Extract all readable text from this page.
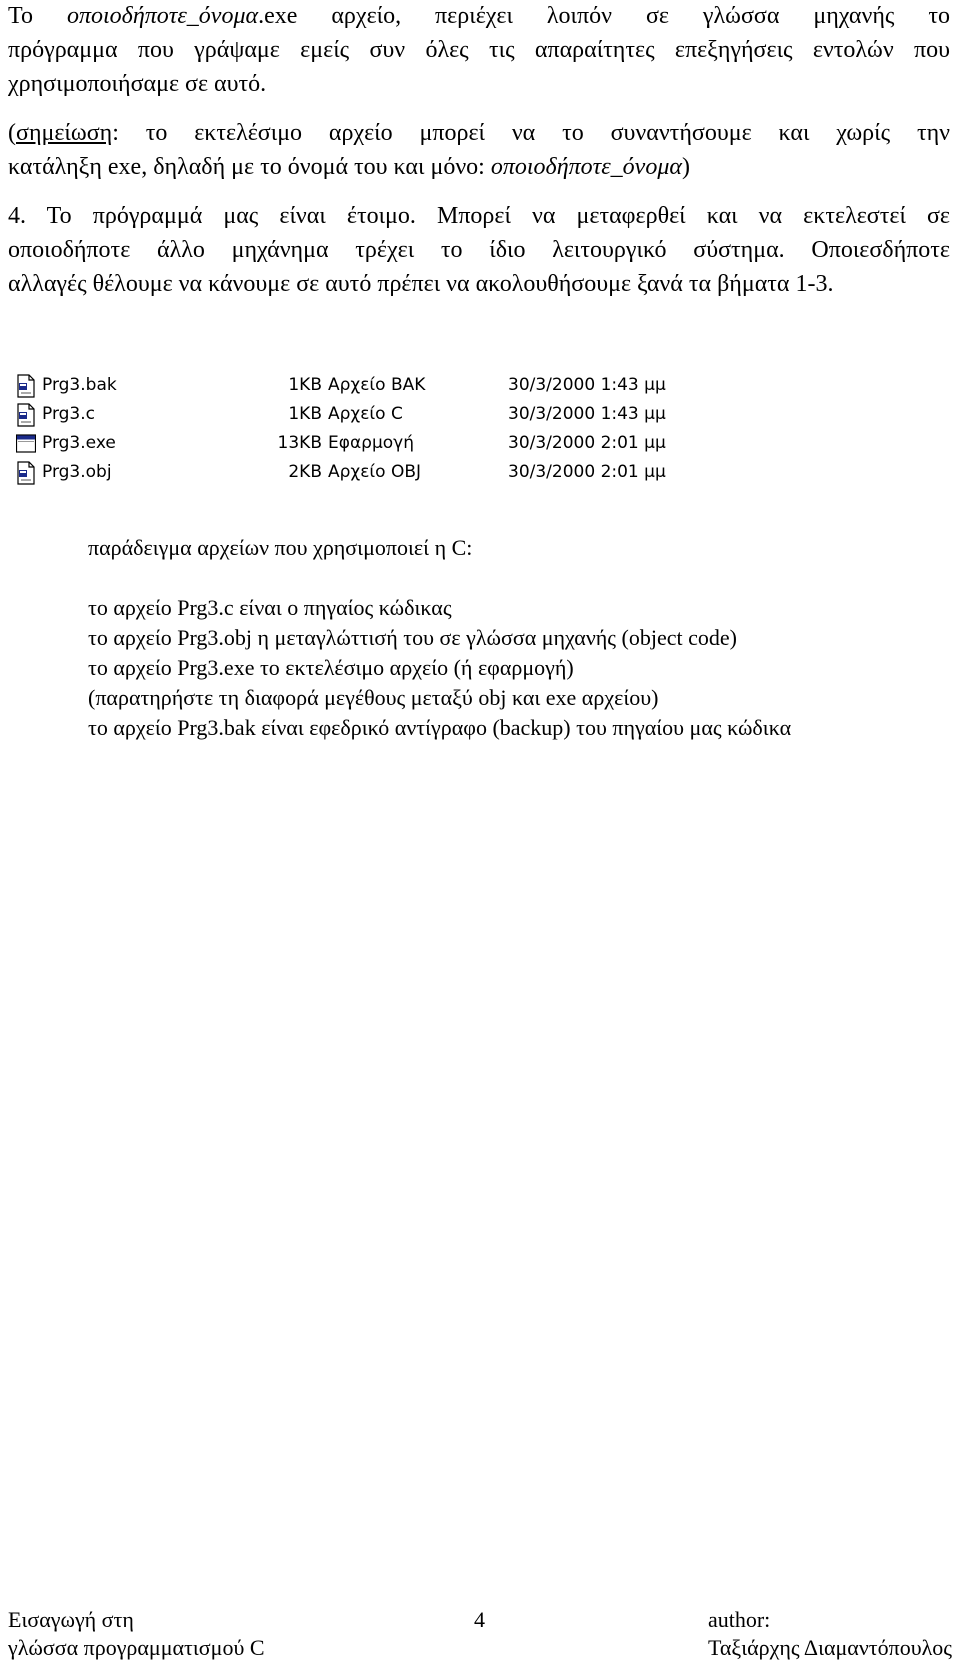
Το οποιοδήποτε_όνομα.exe αρχείο, περιέχει λοιπόν σε γλώσσα μηχανής το
πρόγραμμα που γράψαμε εμείς συν όλες τις απαραίτητες επεξηγήσεις εντολών που
χρησιμοποιήσαμε σε αυτό.

(σημείωση: το εκτελέσιμο αρχείο μπορεί να το συναντήσουμε και χωρίς την
κατάληξη exe, δηλαδή με το όνομά του και μόνο: οποιοδήποτε_όνομα)

4. Το πρόγραμμά μας είναι έτοιμο. Μπορεί να μεταφερθεί και να εκτελεστεί σε
οποιοδήποτε άλλο μηχάνημα τρέχει το ίδιο λειτουργικό σύστημα. Οποιεσδήποτε
αλλαγές θέλουμε να κάνουμε σε αυτό πρέπει να ακολουθήσουμε ξανά τα βήματα 1-3.

Prg3.bak	1KB Αρχείο BAK	30/3/2000 1:43 μμ
Prg3.c	1KB Αρχείο C	30/3/2000 1:43 μμ
Prg3.exe	13KB Εφαρμογή	30/3/2000 2:01 μμ
Prg3.obj	2KB Αρχείο OBJ	30/3/2000 2:01 μμ
παράδειγμα αρχείων που χρησιμοποιεί η C:
το αρχείο Prg3.c είναι ο πηγαίος κώδικας
το αρχείο Prg3.obj η μεταγλώττισή του σε γλώσσα μηχανής (object code)
το αρχείο Prg3.exe το εκτελέσιμο αρχείο (ή εφαρμογή)
(παρατηρήστε τη διαφορά μεγέθους μεταξύ obj και exe αρχείου)
το αρχείο Prg3.bak είναι εφεδρικό αντίγραφο (backup) του πηγαίου μας κώδικα
Εισαγωγή στη
γλώσσα προγραμματισμού C
4	author:
Ταξιάρχης Διαμαντόπουλος
